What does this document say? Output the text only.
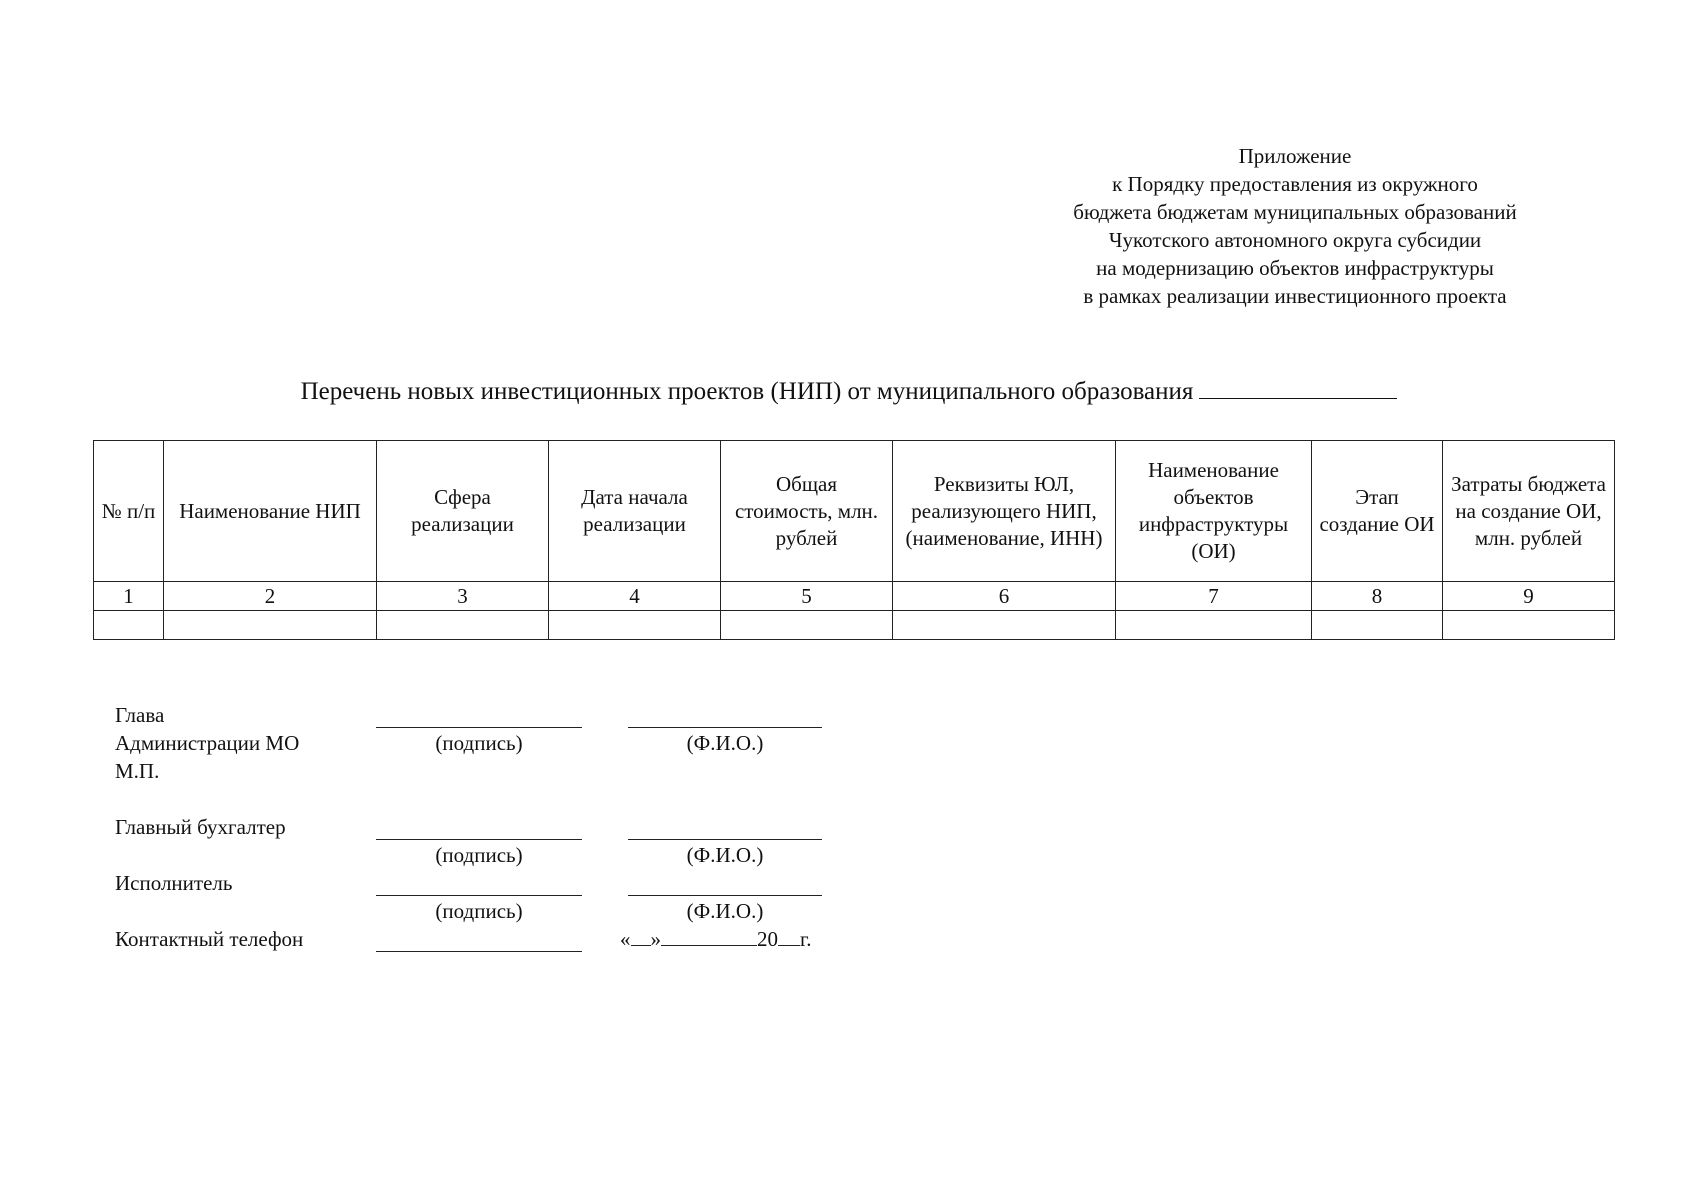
Приложение
к Порядку предоставления из окружного
бюджета бюджетам муниципальных образований
Чукотского автономного округа субсидии
на модернизацию объектов инфраструктуры
в рамках реализации инвестиционного проекта
Перечень новых инвестиционных проектов (НИП) от муниципального образования
№ п/п	Наименование НИП	Сфера реализации	Дата начала реализации	Общая стоимость, млн. рублей	Реквизиты ЮЛ, реализующего НИП, (наименование, ИНН)	Наименование объектов инфраструктуры (ОИ)	Этап создание ОИ	Затраты бюджета на создание ОИ, млн. рублей
1	2	3	4	5	6	7	8	9

Глава
Администрации МО
М.П.
(подпись)	(Ф.И.О.)
Главный бухгалтер
(подпись)	(Ф.И.О.)
Исполнитель
(подпись)	(Ф.И.О.)
Контактный телефон	« »	20 г.
